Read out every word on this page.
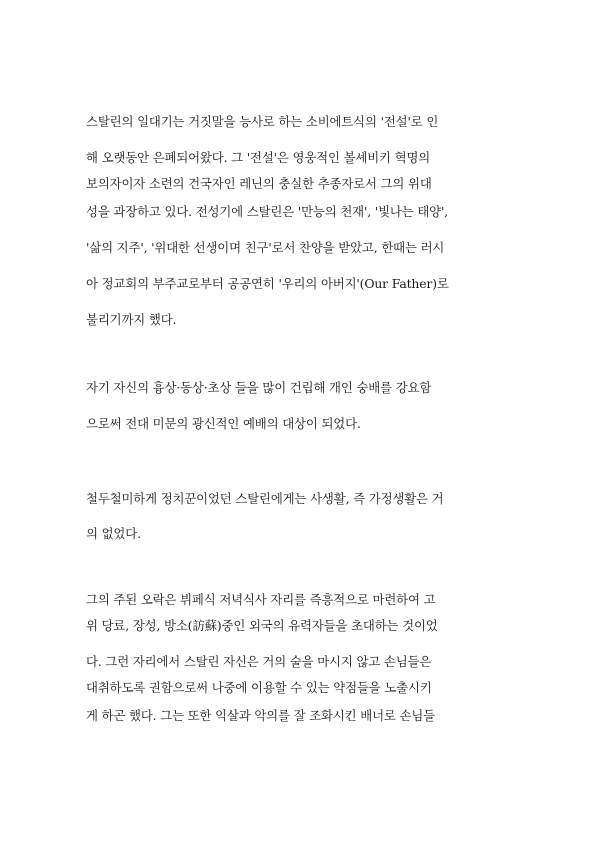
스탈린의 일대기는 거짓말을 능사로 하는 소비에트식의 '전설'로 인
해 오랫동안 은폐되어왔다. 그 '전설'은 영웅적인 볼셰비키 혁명의
보의자이자 소련의 건국자인 레닌의 충실한 추종자로서 그의 위대
성을 과장하고 있다. 전성기에 스탈린은 '만능의 천재', '빛나는 태양',
'삶의 지주', '위대한 선생이며 친구'로서 찬양을 받았고, 한때는 러시
아 정교회의 부주교로부터 공공연히 '우리의 아버지'(Our Father)로
불리기까지 했다.
자기 자신의 흉상·동상·초상 들을 많이 건립해 개인 숭배를 강요함
으로써 전대 미문의 광신적인 예배의 대상이 되었다.
철두철미하게 정치꾼이었던 스탈린에게는 사생활, 즉 가정생활은 거
의 없었다.
그의 주된 오락은 뷔페식 저녁식사 자리를 즉흥적으로 마련하여 고
위 당료, 장성, 방소(訪蘇)중인 외국의 유력자들을 초대하는 것이었
다. 그런 자리에서 스탈린 자신은 거의 술을 마시지 않고 손님들은
대취하도록 권함으로써 나중에 이용할 수 있는 약점들을 노출시키
게 하곤 했다. 그는 또한 익살과 악의를 잘 조화시킨 배너로 손님들
